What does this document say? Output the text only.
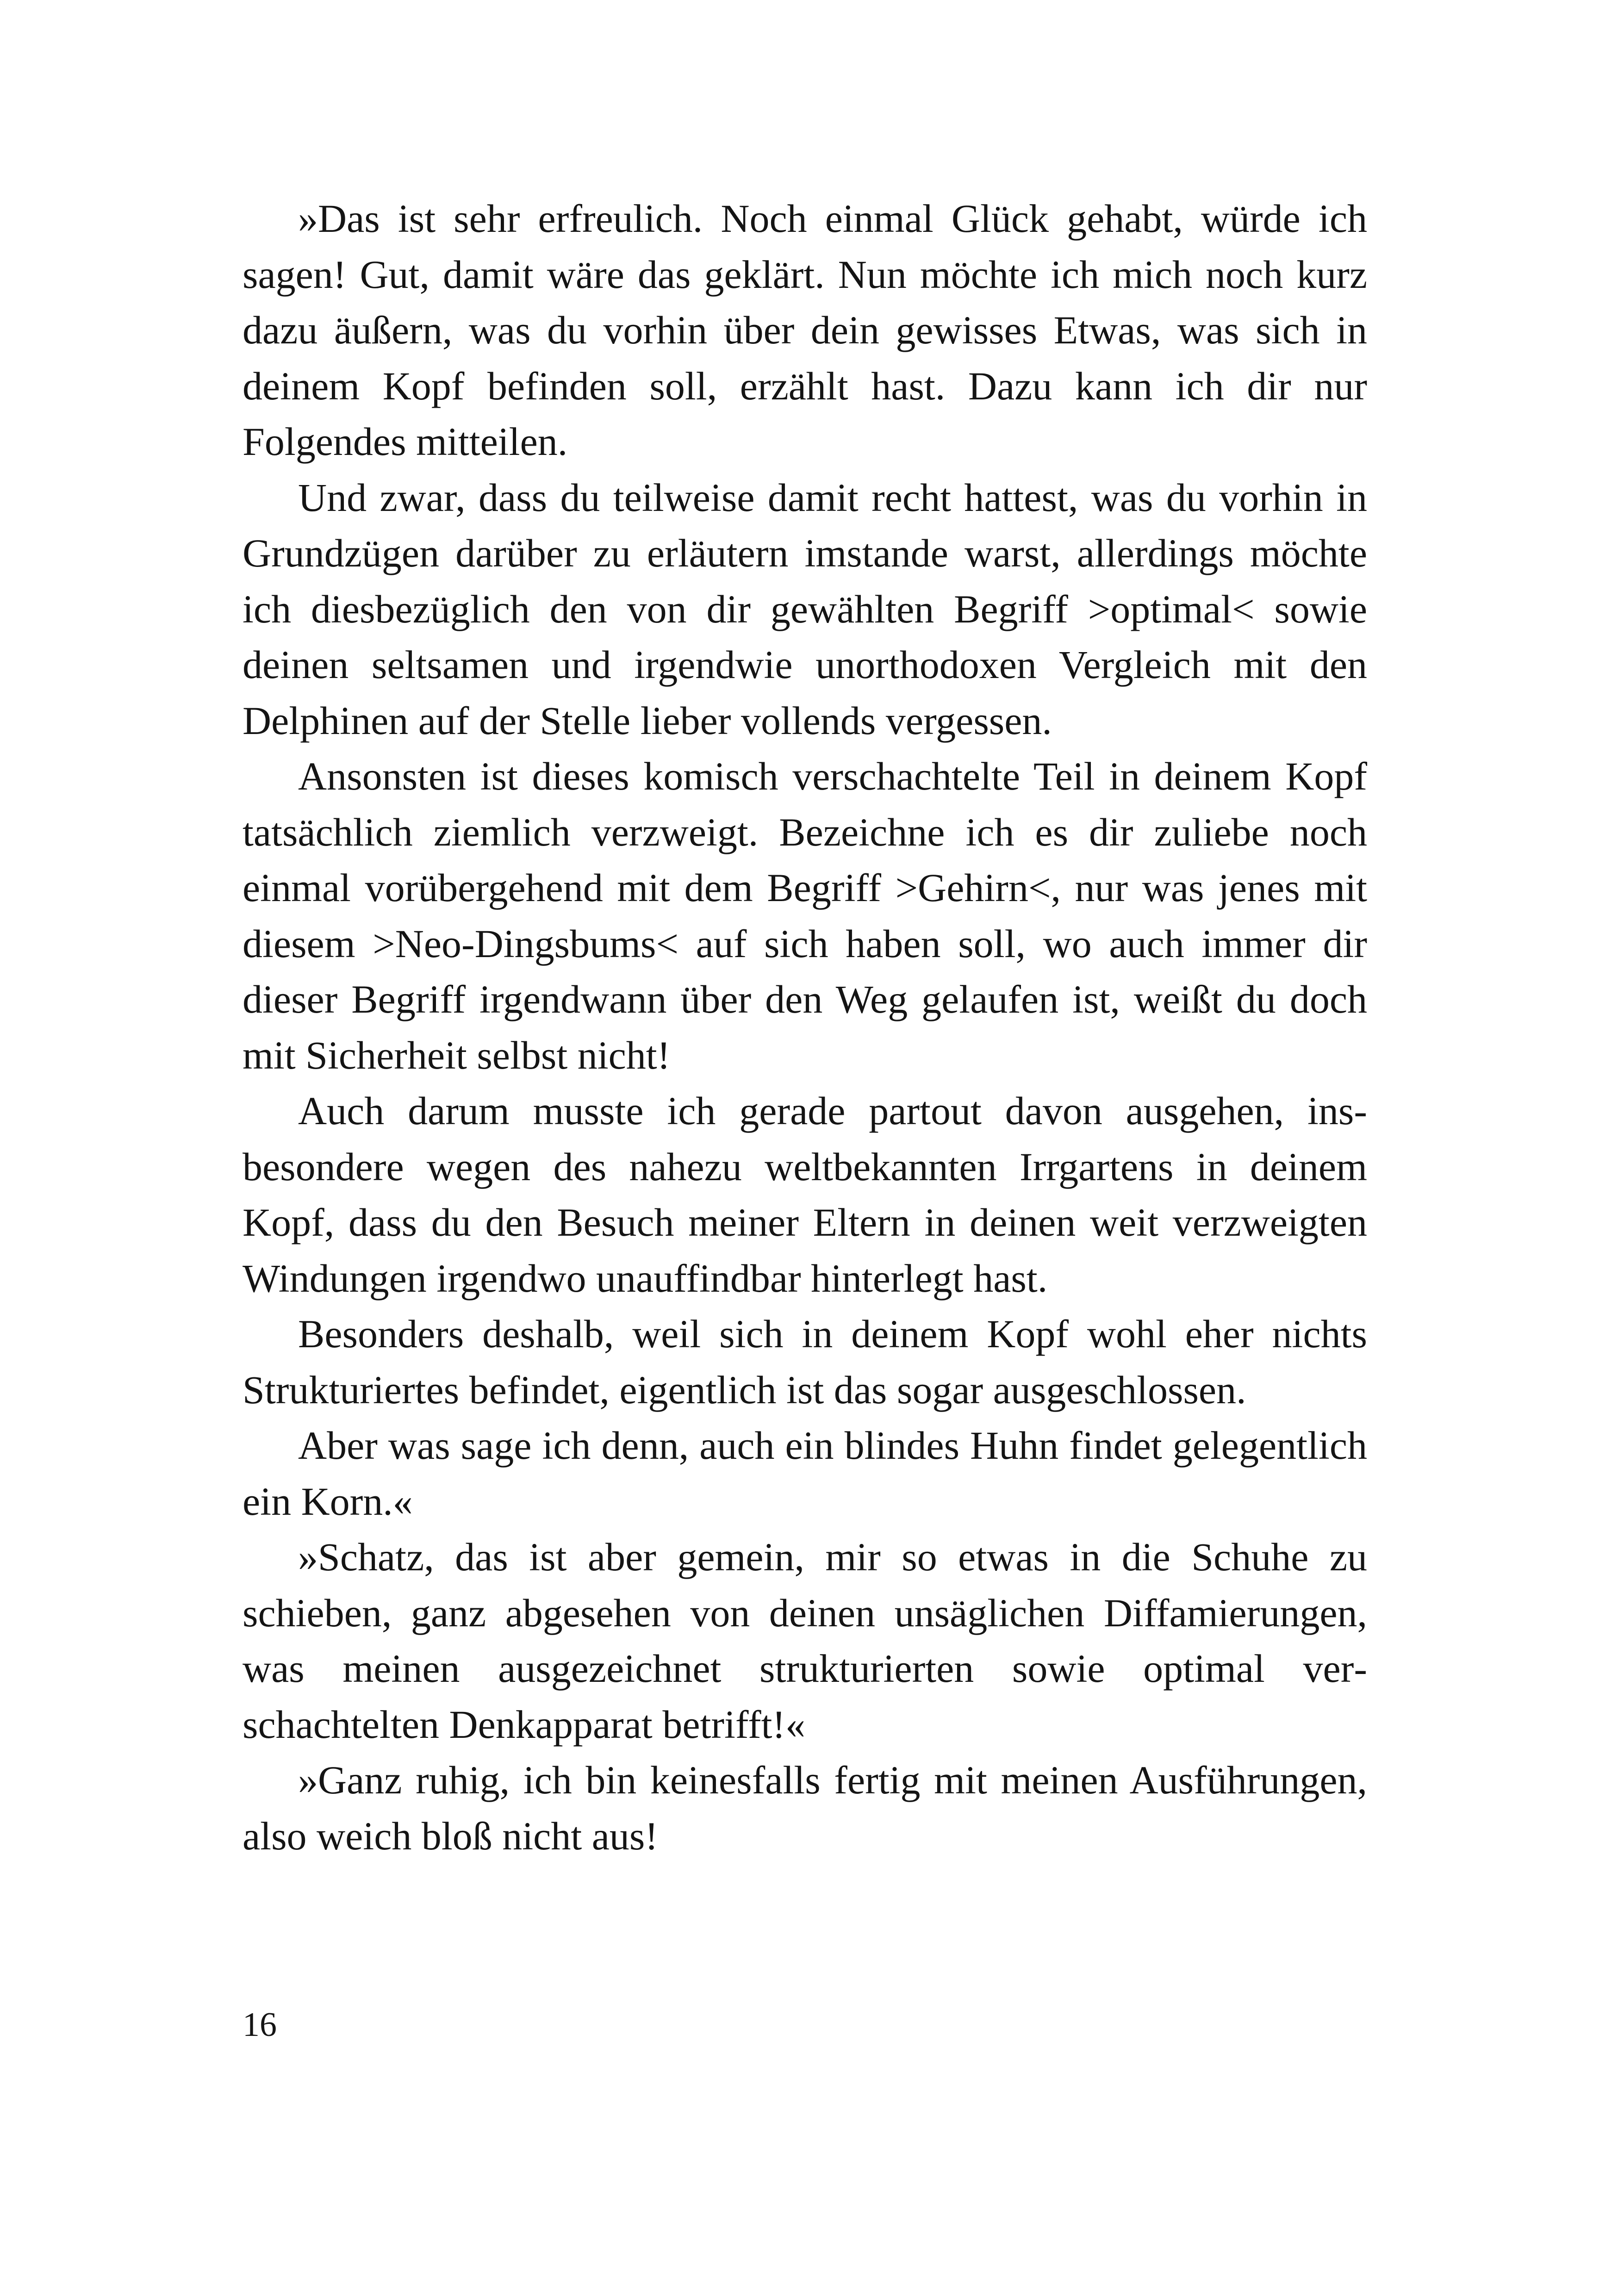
»Das ist sehr erfreulich. Noch einmal Glück gehabt, würde ich sagen! Gut, damit wäre das geklärt. Nun möchte ich mich noch kurz dazu äußern, was du vorhin über dein gewisses Etwas, was sich in deinem Kopf befinden soll, erzählt hast. Dazu kann ich dir nur Folgendes mitteilen.

Und zwar, dass du teilweise damit recht hattest, was du vorhin in Grundzügen darüber zu erläutern imstande warst, allerdings möchte ich diesbezüglich den von dir gewählten Begriff >optimal< sowie deinen seltsamen und irgendwie unorthodoxen Vergleich mit den Delphinen auf der Stelle lieber vollends vergessen.

Ansonsten ist dieses komisch verschachtelte Teil in deinem Kopf tatsächlich ziemlich verzweigt. Bezeichne ich es dir zuliebe noch einmal vorübergehend mit dem Begriff >Gehirn<, nur was jenes mit diesem >Neo-Dingsbums< auf sich haben soll, wo auch immer dir dieser Begriff irgendwann über den Weg gelaufen ist, weißt du doch mit Sicherheit selbst nicht!

Auch darum musste ich gerade partout davon ausgehen, insbesondere wegen des nahezu weltbekannten Irrgartens in deinem Kopf, dass du den Besuch meiner Eltern in deinen weit verzweigten Windungen irgendwo unauffindbar hinterlegt hast.

Besonders deshalb, weil sich in deinem Kopf wohl eher nichts Strukturiertes befindet, eigentlich ist das sogar ausgeschlossen.

Aber was sage ich denn, auch ein blindes Huhn findet gelegentlich ein Korn.«

»Schatz, das ist aber gemein, mir so etwas in die Schuhe zu schieben, ganz abgesehen von deinen unsäglichen Diffamierungen, was meinen ausgezeichnet strukturierten sowie optimal verschachtelten Denkapparat betrifft!«

»Ganz ruhig, ich bin keinesfalls fertig mit meinen Ausführungen, also weich bloß nicht aus!

16
